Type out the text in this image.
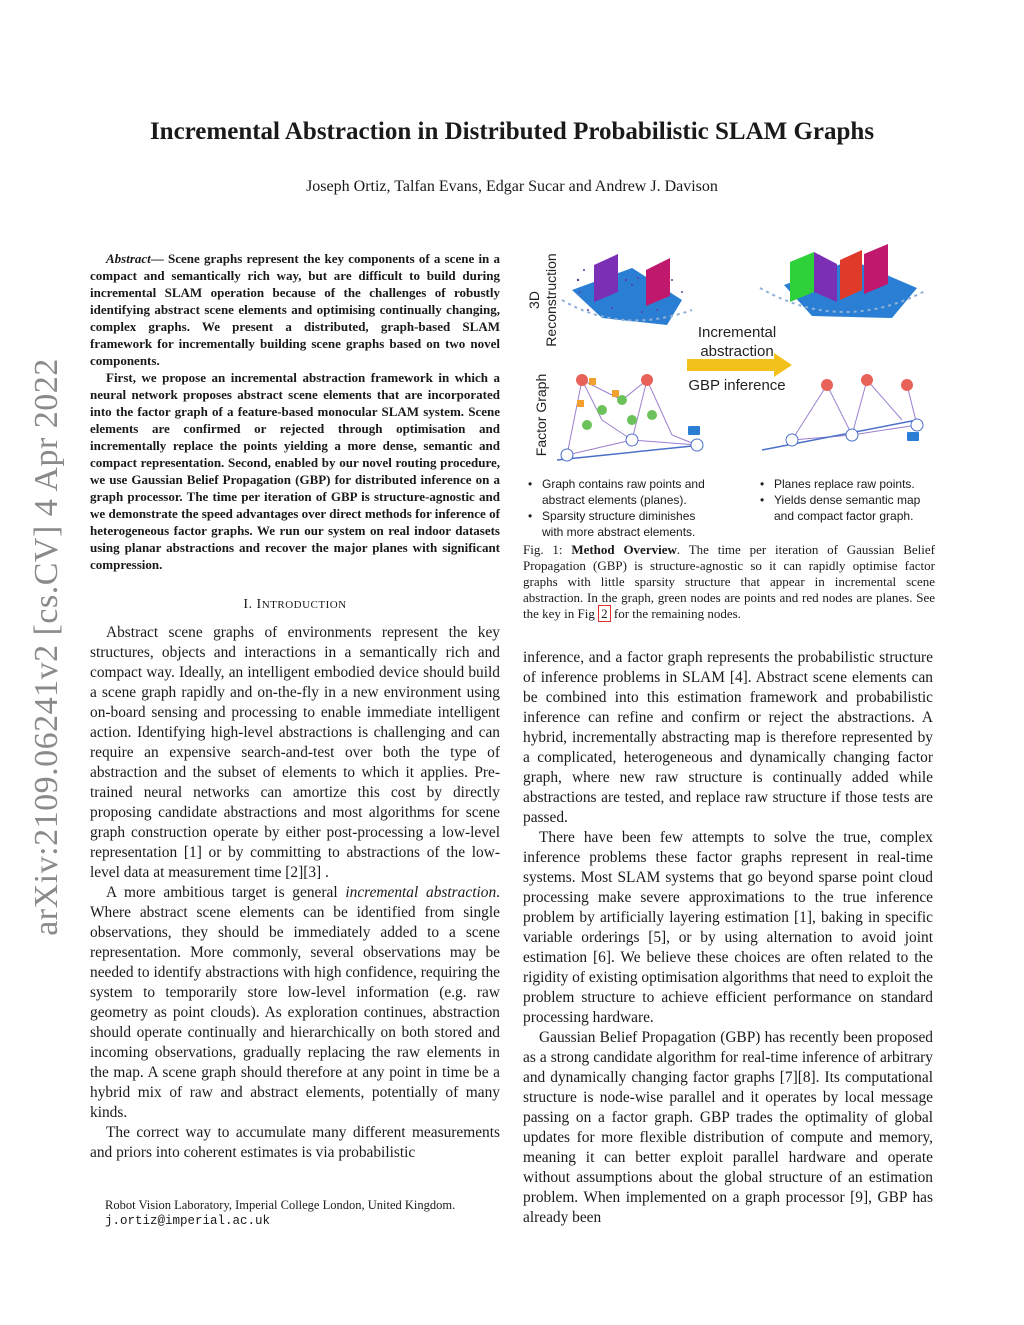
arXiv:2109.06241v2 [cs.CV] 4 Apr 2022
Incremental Abstraction in Distributed Probabilistic SLAM Graphs
Joseph Ortiz, Talfan Evans, Edgar Sucar and Andrew J. Davison

Abstract— Scene graphs represent the key components of a scene in a compact and semantically rich way, but are difficult to build during incremental SLAM operation because of the challenges of robustly identifying abstract scene elements and optimising continually changing, complex graphs. We present a distributed, graph-based SLAM framework for incrementally building scene graphs based on two novel components.

First, we propose an incremental abstraction framework in which a neural network proposes abstract scene elements that are incorporated into the factor graph of a feature-based monocular SLAM system. Scene elements are confirmed or rejected through optimisation and incrementally replace the points yielding a more dense, semantic and compact representation. Second, enabled by our novel routing procedure, we use Gaussian Belief Propagation (GBP) for distributed inference on a graph processor. The time per iteration of GBP is structure-agnostic and we demonstrate the speed advantages over direct methods for inference of heterogeneous factor graphs. We run our system on real indoor datasets using planar abstractions and recover the major planes with significant compression.

I. INTRODUCTION

Abstract scene graphs of environments represent the key structures, objects and interactions in a semantically rich and compact way. Ideally, an intelligent embodied device should build a scene graph rapidly and on-the-fly in a new environment using on-board sensing and processing to enable immediate intelligent action. Identifying high-level abstractions is challenging and can require an expensive search-and-test over both the type of abstraction and the subset of elements to which it applies. Pre-trained neural networks can amortize this cost by directly proposing candidate abstractions and most algorithms for scene graph construction operate by either post-processing a low-level representation [1] or by committing to abstractions of the low-level data at measurement time [2][3] .

A more ambitious target is general incremental abstraction. Where abstract scene elements can be identified from single observations, they should be immediately added to a scene representation. More commonly, several observations may be needed to identify abstractions with high confidence, requiring the system to temporarily store low-level information (e.g. raw geometry as point clouds). As exploration continues, abstraction should operate continually and hierarchically on both stored and incoming observations, gradually replacing the raw elements in the map. A scene graph should therefore at any point in time be a hybrid mix of raw and abstract elements, potentially of many kinds.

The correct way to accumulate many different measurements and priors into coherent estimates is via probabilistic

Robot Vision Laboratory, Imperial College London, United Kingdom.
j.ortiz@imperial.ac.uk
3D Reconstruction
Factor Graph
Incremental
abstraction
GBP inference
• Graph contains raw points and
abstract elements (planes).
• Sparsity structure diminishes
with more abstract elements.
• Planes replace raw points.
• Yields dense semantic map
and compact factor graph.
Fig. 1: Method Overview. The time per iteration of Gaussian Belief Propagation (GBP) is structure-agnostic so it can rapidly optimise factor graphs with little sparsity structure that appear in incremental scene abstraction. In the graph, green nodes are points and red nodes are planes. See the key in Fig 2 for the remaining nodes.

inference, and a factor graph represents the probabilistic structure of inference problems in SLAM [4]. Abstract scene elements can be combined into this estimation framework and probabilistic inference can refine and confirm or reject the abstractions. A hybrid, incrementally abstracting map is therefore represented by a complicated, heterogeneous and dynamically changing factor graph, where new raw structure is continually added while abstractions are tested, and replace raw structure if those tests are passed.

There have been few attempts to solve the true, complex inference problems these factor graphs represent in real-time systems. Most SLAM systems that go beyond sparse point cloud processing make severe approximations to the true inference problem by artificially layering estimation [1], baking in specific variable orderings [5], or by using alternation to avoid joint estimation [6]. We believe these choices are often related to the rigidity of existing optimisation algorithms that need to exploit the problem structure to achieve efficient performance on standard processing hardware.

Gaussian Belief Propagation (GBP) has recently been proposed as a strong candidate algorithm for real-time inference of arbitrary and dynamically changing factor graphs [7][8]. Its computational structure is node-wise parallel and it operates by local message passing on a factor graph. GBP trades the optimality of global updates for more flexible distribution of compute and memory, meaning it can better exploit parallel hardware and operate without assumptions about the global structure of an estimation problem. When implemented on a graph processor [9], GBP has already been
